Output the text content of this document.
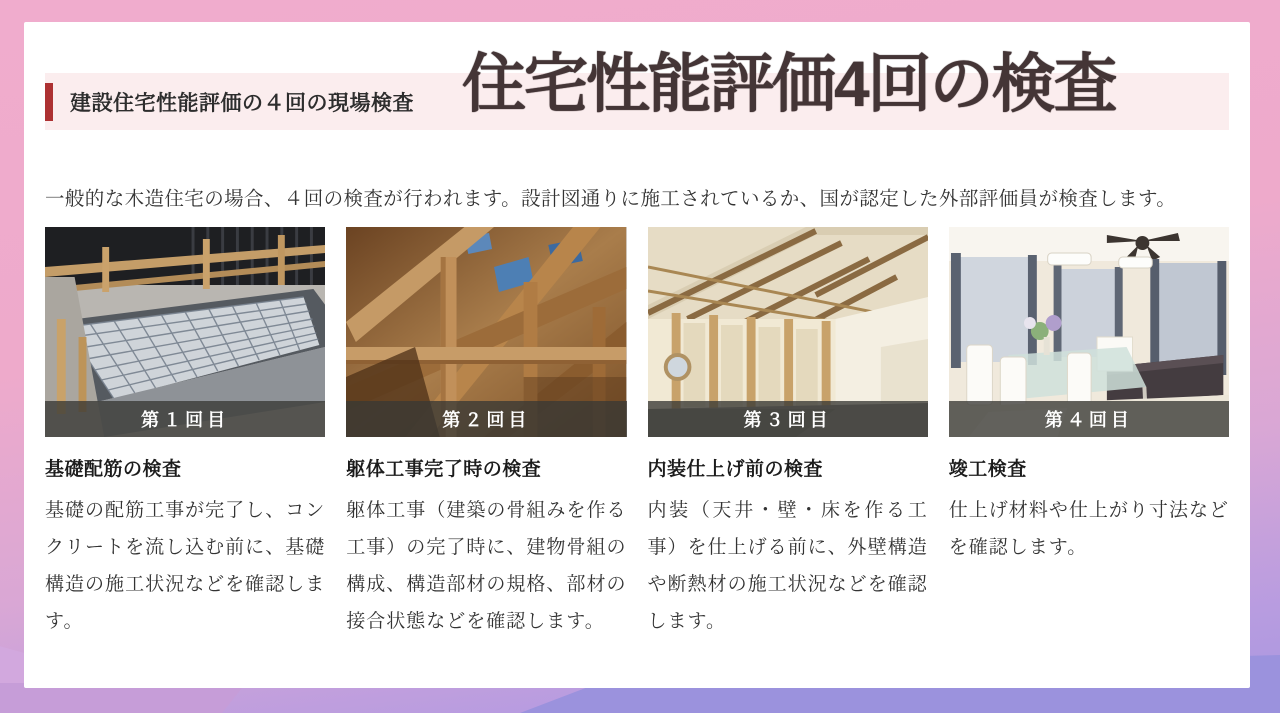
建設住宅性能評価の４回の現場検査 住宅性能評価4回の検査

一般的な木造住宅の場合、４回の検査が行われます。設計図通りに施工されているか、国が認定した外部評価員が検査します。

第１回目
基礎配筋の検査

基礎の配筋工事が完了し、コンクリートを流し込む前に、基礎構造の施工状況などを確認します。

第２回目
躯体工事完了時の検査

躯体工事（建築の骨組みを作る工事）の完了時に、建物骨組の構成、構造部材の規格、部材の接合状態などを確認します。

第３回目
内装仕上げ前の検査

内装（天井・壁・床を作る工事）を仕上げる前に、外壁構造や断熱材の施工状況などを確認します。

第４回目
竣工検査

仕上げ材料や仕上がり寸法などを確認します。
